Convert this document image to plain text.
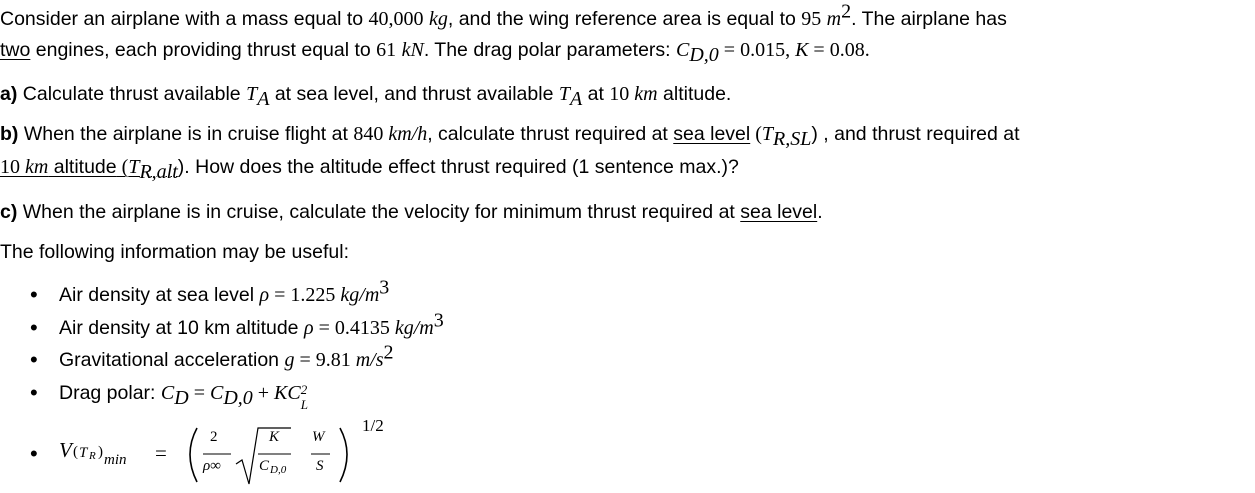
Consider an airplane with a mass equal to 40,000 kg, and the wing reference area is equal to 95 $m^2$. The airplane has
two engines, each providing thrust equal to 61 kN. The drag polar parameters: $C_{D,0} = 0.015$, K = 0.08.
a) Calculate thrust available $T_A$ at sea level, and thrust available $T_A$ at 10 km altitude.
b) When the airplane is in cruise flight at 840 km/h, calculate thrust required at sea level $(T_{R,SL})$ , and thrust required at
10 km altitude $(T_{R,alt})$. How does the altitude effect thrust required (1 sentence max.)?
c) When the airplane is in cruise, calculate the velocity for minimum thrust required at sea level.
The following information may be useful:
• Air density at sea level ρ = 1.225 $kg/m^3$
• Air density at 10 km altitude ρ = 0.4135 $kg/m^3$
• Gravitational acceleration g = 9.81 $m/s^2$
• Drag polar: $C_D = C_{D,0}$ + KC 2
L
• V ( T R ) min =
2
ρ∞
K
C D,0
W
S
1/2
